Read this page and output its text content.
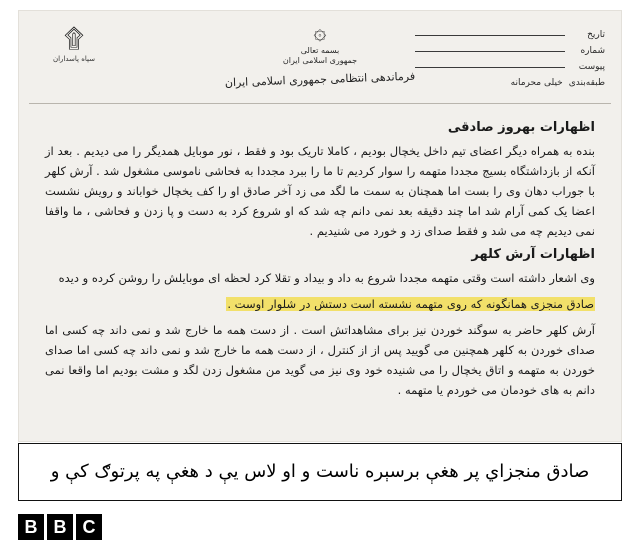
تاریخ
شماره
پیوست
طبقه‌بندی
خیلی محرمانه
۞
بسمه تعالی
جمهوری اسلامی ایران
فرماندهی انتظامی جمهوری اسلامی ایران
۩
سپاه پاسداران
اظهارات بهروز صادقی

بنده به همراه دیگر اعضای تیم داخل یخچال بودیم ، کاملا تاریک بود و فقط ، نور موبایل همدیگر را می دیدیم . بعد از آنکه از بازداشتگاه بسیج مجددا متهمه را سوار کردیم تا ما را ببرد مجددا به فحاشی ناموسی مشغول شد . آرش کلهر با جوراب دهان وی را بست اما همچنان به سمت ما لگد می زد آخر صادق او را کف یخچال خواباند و رویش نشست اعضا یک کمی آرام شد اما چند دقیقه بعد نمی دانم چه شد که او شروع کرد به دست و پا زدن و فحاشی ، ما واقفا نمی دیدیم چه می شد و فقط صدای زد و خورد می شنیدیم .

اظهارات آرش کلهر

وی اشعار داشته است وقتی متهمه مجددا شروع به داد و بیداد و تقلا کرد لحظه ای موبایلش را روشن کرده و دیده

صادق منجزی همانگونه که روی متهمه نشسته است دستش در شلوار اوست .

آرش کلهر حاضر به سوگند خوردن نیز برای مشاهداتش است . از دست همه ما خارج شد و نمی داند چه کسی اما صدای خوردن به کلهر همچنین می گویید پس از از کنترل ، از دست همه ما خارج شد و نمی داند چه کسی اما صدای خوردن به متهمه و اتاق یخچال را می شنیده خود وی نیز می گوید من مشغول زدن لگد و مشت بودیم اما واقعا نمی دانم به های خودمان می خوردم یا متهمه .

صادق منجزاي پر هغې برسېره ناست و او لاس يې د هغې په پرتوګ کې و
B B C
